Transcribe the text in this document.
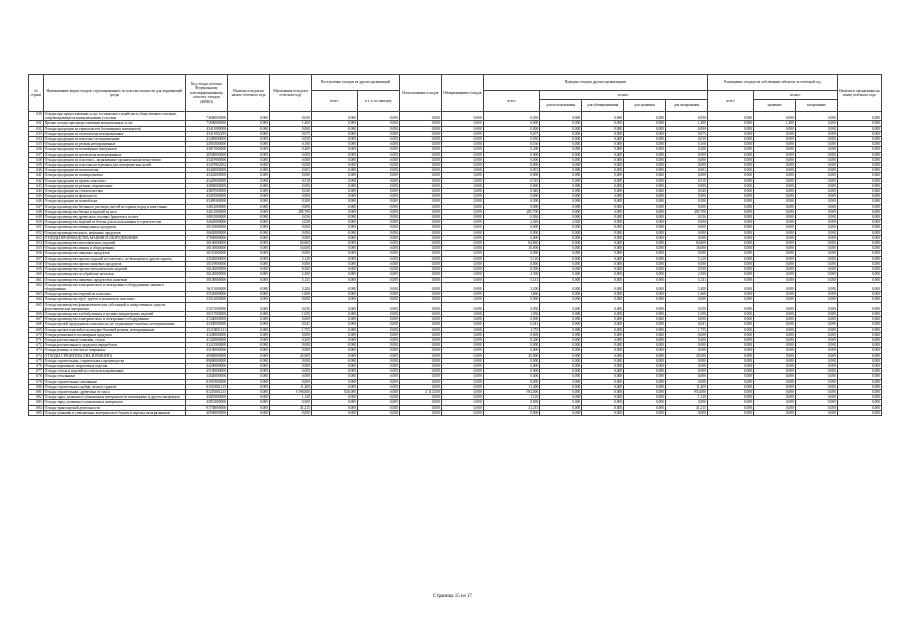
№ строки	Наименование видов отходов, сгруппированных по классам опасности для окружающей среды	Код отхода согласно Федеральному классификационному каталогу отходов (ФККО)	Наличие отходов на начало отчетного года	Образование отходов в отчетном году	Поступление отходов из других организаций		Использование отходов	Обезвреживание отходов	Передача отходов другим организациям					Размещение отходов на собственных объектах за отчетный год			Наличие в организации на конец отчетного года
					всего	в т. ч. по импорту			всего	из них:				всего	из них:		
										для использования	для обезвреживания	для хранения	для захоронения		хранение	захоронение	
630	Отходы при предоставлении услуг гостиничного хозяйства и общественного питания, сопровождающиеся коммунальными услугами	73600000000	0,000	0,050	0,000	0,000	0,000	0,000	0,050	0,000	0,000	0,000	0,050	0,000	0,000	0,000	0,000
631	Прочие отходы при предоставлении коммунальных услуг	73900000000	0,000	1,400	0,000	0,000	0,000	0,000	0,000	0,000	0,000	0,000	1,400	0,000	1,400	0,000	0,000
632	Отходы продукции из термопластов (полимерных материалов)	43411000000	0,000	0,000	0,000	0,000	0,000	0,000	0,000	0,000	0,000	0,000	0,000	0,000	0,000	0,000	0,000
633	Отходы продукции из полиэтилена незагрязненные	43411002295	0,000	0,675	0,000	0,000	0,000	0,000	0,675	0,000	0,000	0,000	0,675	0,000	0,000	0,000	0,000
634	Отходы продукции из пластмасс незагрязненные	43499000000	0,000	0,030	0,000	0,000	0,000	0,000	0,030	0,000	0,000	0,000	0,030	0,000	0,000	0,000	0,000
635	Отходы продукции из резины незагрязненные	43810000000	0,000	0,160	0,000	0,000	0,000	0,000	0,160	0,000	0,000	0,000	0,160	0,000	0,000	0,000	0,000
636	Отходы продукции из полимерных материалов	43817000000	0,000	0,200	0,000	0,000	0,000	0,000	0,200	0,000	0,000	0,000	0,200	0,000	0,000	0,000	0,000
637	Отходы продукции из целлюлозы незагрязненные	40500000000	0,000	0,000	0,000	0,000	0,000	0,000	0,000	0,000	0,000	0,000	0,000	0,000	0,000	0,000	0,000
638	Отходы продукции из пластмасс, загрязненные органическими веществами	43419900000	0,000	0,000	0,000	0,000	0,000	0,000	0,000	0,000	0,000	0,000	0,000	0,000	0,000	0,000	0,000
639	Отходы продукции из пластмассы и резины для электрических целей	43419902202	0,000	0,000	0,000	0,000	0,000	0,000	0,000	0,000	0,000	0,000	0,000	0,000	0,000	0,000	0,000
640	Отходы продукции из полиэтилена	43420000000	0,000	0,001	0,000	0,000	0,000	0,000	0,001	0,000	0,000	0,000	0,001	0,000	0,000	0,000	0,000
641	Отходы продукции из полипропилена	43422000000	0,000	0,000	0,000	0,000	0,000	0,000	0,000	0,000	0,000	0,000	0,000	0,000	0,000	0,000	0,000
642	Отходы продукции из прочих пластмасс	43429000000	0,000	0,510	0,000	0,000	0,000	0,000	0,510	0,000	0,000	0,000	0,510	0,000	0,000	0,000	0,000
643	Отходы продукции из резины, загрязненные	43800000000	0,000	0,000	0,000	0,000	0,000	0,000	0,000	0,000	0,000	0,000	0,000	0,000	0,000	0,000	0,000
644	Отходы продукции из стеклопластика	43847000000	0,000	0,040	0,000	0,000	0,000	0,000	0,040	0,000	0,000	0,000	0,040	0,000	0,000	0,000	0,000
645	Отходы продукции из фенопласта	43491000000	0,000	0,000	0,000	0,000	0,000	0,000	0,000	0,000	0,000	0,000	0,000	0,000	0,000	0,000	0,000
646	Отходы продукции из шлакоблока	43499300000	0,000	0,300	0,000	0,000	0,000	0,000	0,300	0,000	0,000	0,000	0,300	0,000	0,000	0,000	0,000
647	Отходы производства бетонного раствора смесей из горных пород и известняка	34812000000	0,000	0,000	0,000	0,000	0,000	0,000	0,000	0,000	0,000	0,000	0,000	0,000	0,000	0,000	0,000
648	Отходы производства бетона и изделий из него	34611000000	0,000	285,700	0,000	0,000	0,000	0,000	285,700	0,000	0,000	0,000	285,700	0,000	0,000	0,000	0,000
649	Отходы производства древесного топлива, брикетов и пеллет	30821000000	0,000	0,036	0,000	0,000	0,000	0,000	0,036	0,000	0,000	0,000	0,036	0,000	0,000	0,000	0,000
650	Отходы производства изделий из бетона для использования в строительстве	34620000000	0,000	2,020	0,000	0,000	0,000	0,000	2,020	2,020	0,000	0,000	0,000	0,000	0,000	0,000	0,000
651	Отходы производства минеральных продуктов	30119000000	0,000	0,000	0,000	0,000	0,000	0,000	0,000	0,000	0,000	0,000	0,000	0,000	0,000	0,000	0,000
652	Отходы производства кокса, нефтяных продуктов	30620000000	0,000	0,000	0,000	0,000	0,000	0,000	0,000	0,000	0,000	0,000	0,000	0,000	0,000	0,000	0,000
653	ОТХОДЫ ПРОИЗВОДСТВА МАШИН И ОБОРУДОВАНИЯ	37000000000	0,000	0,000	0,000	0,000	0,000	0,000	0,000	0,000	0,000	0,000	0,000	0,000	0,000	0,000	0,000
654	Отходы производства металлических изделий	36100000000	0,000	84,860	0,000	0,000	0,000	0,000	84,860	0,000	0,000	0,000	84,860	0,000	0,000	0,000	0,000
655	Отходы производства машин и оборудования	36130000000	0,000	16,000	0,000	0,000	0,000	0,000	16,000	0,000	0,000	0,000	16,000	0,000	0,000	0,000	0,000
656	Отходы производства пищевых продуктов	30110000000	0,000	0,000	0,000	0,000	0,000	0,000	0,000	0,000	0,000	0,000	0,000	0,000	0,000	0,000	0,000
657	Отходы производства прочих изделий из пластмасс, не вошедшие в другие группы	33540000000	0,000	5,120	0,000	0,000	0,000	0,000	5,120	0,000	0,000	0,000	5,120	0,000	0,000	0,000	0,000
658	Отходы производства прочих пищевых продуктов	30119000000	0,000	0,000	0,000	0,000	0,000	0,000	0,000	0,000	0,000	0,000	0,000	0,000	0,000	0,000	0,000
659	Отходы производства прочих металлических изделий	36140000000	0,000	8,500	0,000	0,000	0,000	0,000	8,500	0,000	0,000	0,000	8,500	0,000	0,000	0,000	0,000
660	Отходы производства по обработке металлов	36120000000	0,000	2,300	0,000	0,000	0,000	0,000	2,300	0,000	0,000	0,000	2,300	0,000	0,000	0,000	0,000
661	Отходы производства пищевых продуктов и напитков	30100000000	0,000	5,141	0,000	0,000	0,000	0,000	5,141	0,000	0,000	0,000	5,141	0,000	0,000	0,000	0,000
662	Отходы производства электрического и электронного оборудования, машин и оборудования	36111000000	0,000	5,200	0,000	0,000	0,000	0,000	5,200	0,000	0,000	0,000	5,200	0,000	0,000	0,000	0,000
663	Отходы производства изделий из пластмасс	33520000000	0,000	1,660	0,000	0,000	0,000	0,000	1,660	0,000	0,000	0,000	1,660	0,000	0,000	0,000	0,000
664	Отходы производства труб, трубок и шлангов из пластмасс	33512000000	0,000	0,000	0,000	0,000	0,000	0,000	0,000	0,000	0,000	0,000	0,000	0,000	0,000	0,000	0,000
665	Отходы производства фармацевтических субстанций и лекарственных средств, фотохимических материалов	31071000000	0,000	0,030	0,000	0,000	0,000	0,000	0,030	0,000	0,000	0,000	0,030	0,000	0,000	0,000	0,000
666	Отходы производства хлебобулочных и мучных кондитерских изделий	30117000000	0,000	1,050	0,000	0,000	0,000	0,000	1,050	0,000	0,000	0,000	1,050	0,000	0,000	0,000	0,000
667	Отходы производства электрического и электронного оборудования	37240000000	0,000	0,000	0,000	0,000	0,000	0,000	0,000	0,000	0,000	0,000	0,000	0,000	0,000	0,000	0,000
668	Отходы прочей продукции из пластмассы, не содержащие галогены, незагрязненные	43490000000	0,000	0,041	0,000	0,000	0,000	0,000	0,041	0,000	0,000	0,000	0,041	0,000	0,000	0,000	0,000
669	Отходы прочих изделий из культурно-бытовой резины, незагрязненные	43110001121	0,000	1,755	0,000	0,000	0,000	0,000	1,755	0,000	0,000	0,000	1,755	0,000	0,000	0,000	0,000
670	Отходы резиновые и полимерные продукты	41200000000	0,000	0,000	0,000	0,000	0,000	0,000	0,000	0,000	0,000	0,000	0,000	0,000	0,000	0,000	0,000
671	Отходы растительные упаковки, стекло	41220000000	0,000	0,200	0,000	0,000	0,000	0,000	0,200	0,000	0,000	0,000	0,200	0,000	0,000	0,000	0,000
672	Отходы растительные и продукты переработки	41412900000	0,000	0,000	0,000	0,000	0,000	0,000	0,000	0,000	0,000	0,000	0,000	0,000	0,000	0,000	0,000
673	Отходы резины, в том числе покрышки	43100000000	0,000	0,000	0,000	0,000	0,000	0,000	0,000	0,000	0,000	0,000	0,000	0,000	0,000	0,000	0,000
674	ОТХОДЫ СТРОИТЕЛЬСТВА И РЕМОНТА	40000000000	0,000	45,000	0,000	0,000	0,000	0,000	45,000	0,000	0,000	0,000	45,000	0,000	0,000	0,000	0,000
675	Отходы строительные, строительного производства	89000000000	0,000	0,000	0,000	0,000	0,000	0,000	0,000	0,000	0,000	0,000	0,000	0,000	0,000	0,000	0,000
676	Отходы кирпичные, мерзлотные изделия	44200000000	0,000	0,000	0,000	0,000	0,000	0,000	0,000	0,000	0,000	0,000	0,000	0,000	0,000	0,000	0,000
677	Отходы стекла и изделий из стекла незагрязненные	45100000000	0,000	0,000	0,000	0,000	0,000	0,000	0,000	0,000	0,000	0,000	0,000	0,000	0,000	0,000	0,000
678	Отходы стеклянные	34540000000	0,000	0,000	0,000	0,000	0,000	0,000	0,000	0,000	0,000	0,000	0,000	0,000	0,000	0,000	0,000
679	Отходы строительные смешанные	81910000000	0,000	0,000	0,000	0,000	0,000	0,000	0,000	0,000	0,000	0,000	0,000	0,000	0,000	0,000	0,000
680	Отходы строительного щебня, песка и грунтов	81910001215	0,000	11,400	0,000	0,000	0,000	0,000	11,400	0,000	0,000	0,000	11,400	0,000	0,000	0,000	0,000
681	Отходы строительные, древесина от сноса	81210001215	0,000	3 598,000	826,000	0,000	2 114,500	0,000	954,000	0,000	0,000	0,000	954,000	0,000	0,000	0,000	0,000
682	Отходы тары, упаковки и упаковочных материалов из полимерных и других материалов	43810000000	0,000	1,120	0,000	0,000	0,000	0,000	1,120	0,000	0,000	0,000	1,120	0,000	0,000	0,000	0,000
683	Отходы тары, упаковки и упаковочных материалов	43813000000	0,000	0,000	0,000	0,000	0,000	0,000	0,000	0,000	0,000	0,000	0,000	0,000	0,000	0,000	0,000
684	Отходы транспортной деятельности	91738000000	0,000	41,215	0,000	0,000	0,000	0,000	41,215	0,000	0,000	0,000	41,215	0,000	0,000	0,000	0,000
685	Отходы упаковки и упаковочных материалов из бумаги и картона незагрязненные	40500000000	0,000	0,000	0,000	0,000	0,000	0,000	0,000	0,000	0,000	0,000	0,000	0,000	0,000	0,000	0,000
Страница 15 из 17
